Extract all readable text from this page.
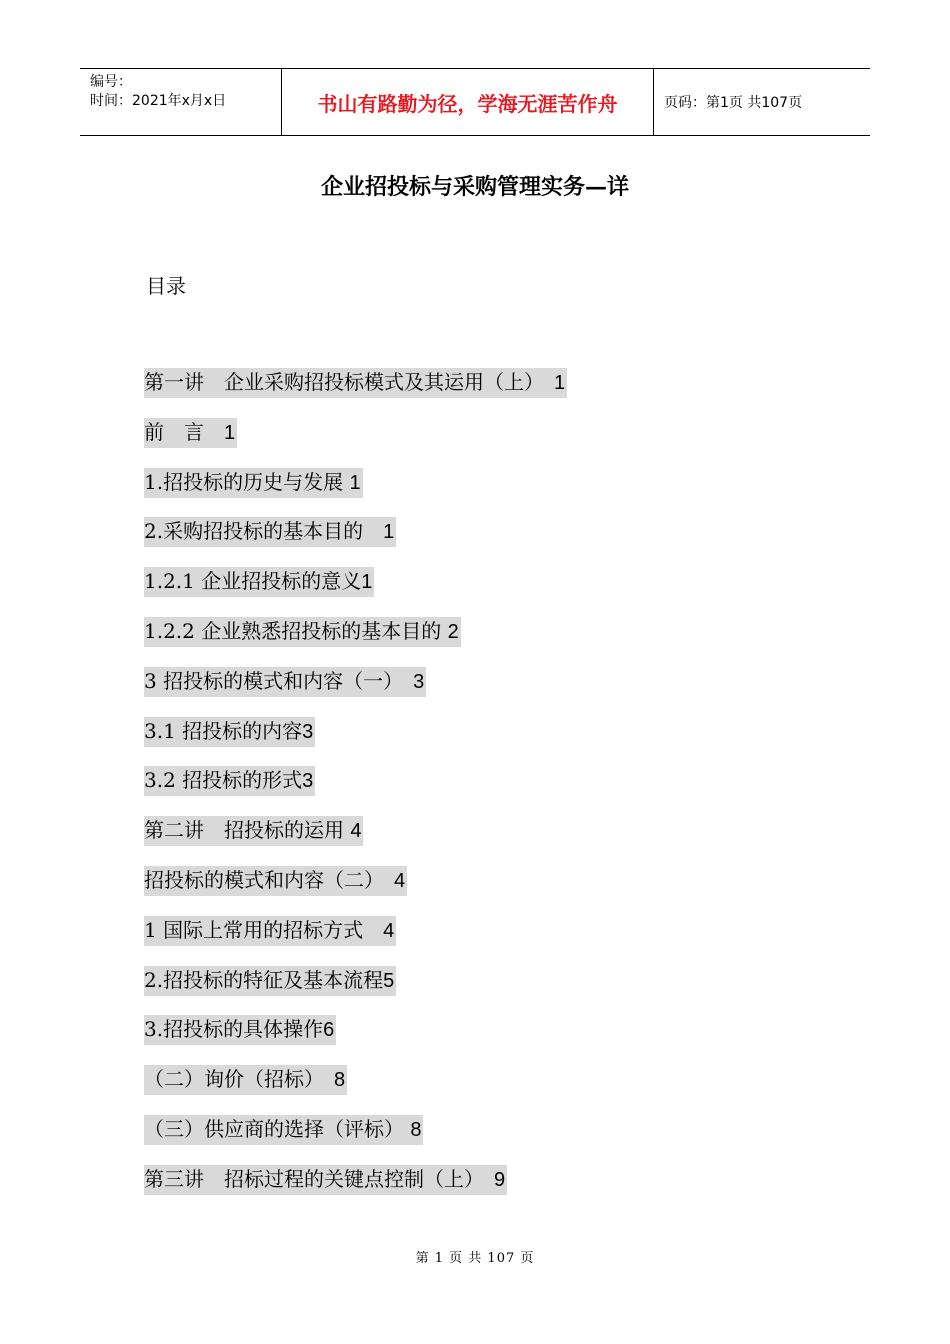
编号：
时间：2021年x月x日	书山有路勤为径，学海无涯苦作舟	页码：第1页 共107页
企业招投标与采购管理实务—详
目录
第一讲　企业采购招投标模式及其运用（上）　1
前　言　1
1.招投标的历史与发展 1
2.采购招投标的基本目的　1
1.2.1 企业招投标的意义1
1.2.2 企业熟悉招投标的基本目的 2
3 招投标的模式和内容（一）　3
3.1 招投标的内容3
3.2 招投标的形式3
第二讲　招投标的运用 4
招投标的模式和内容（二）　4
1 国际上常用的招标方式　4
2.招投标的特征及基本流程5
3.招投标的具体操作6
（二）询价（招标）　8
（三）供应商的选择（评标） 8
第三讲　招标过程的关键点控制（上）　9
第 1 页 共 107 页
